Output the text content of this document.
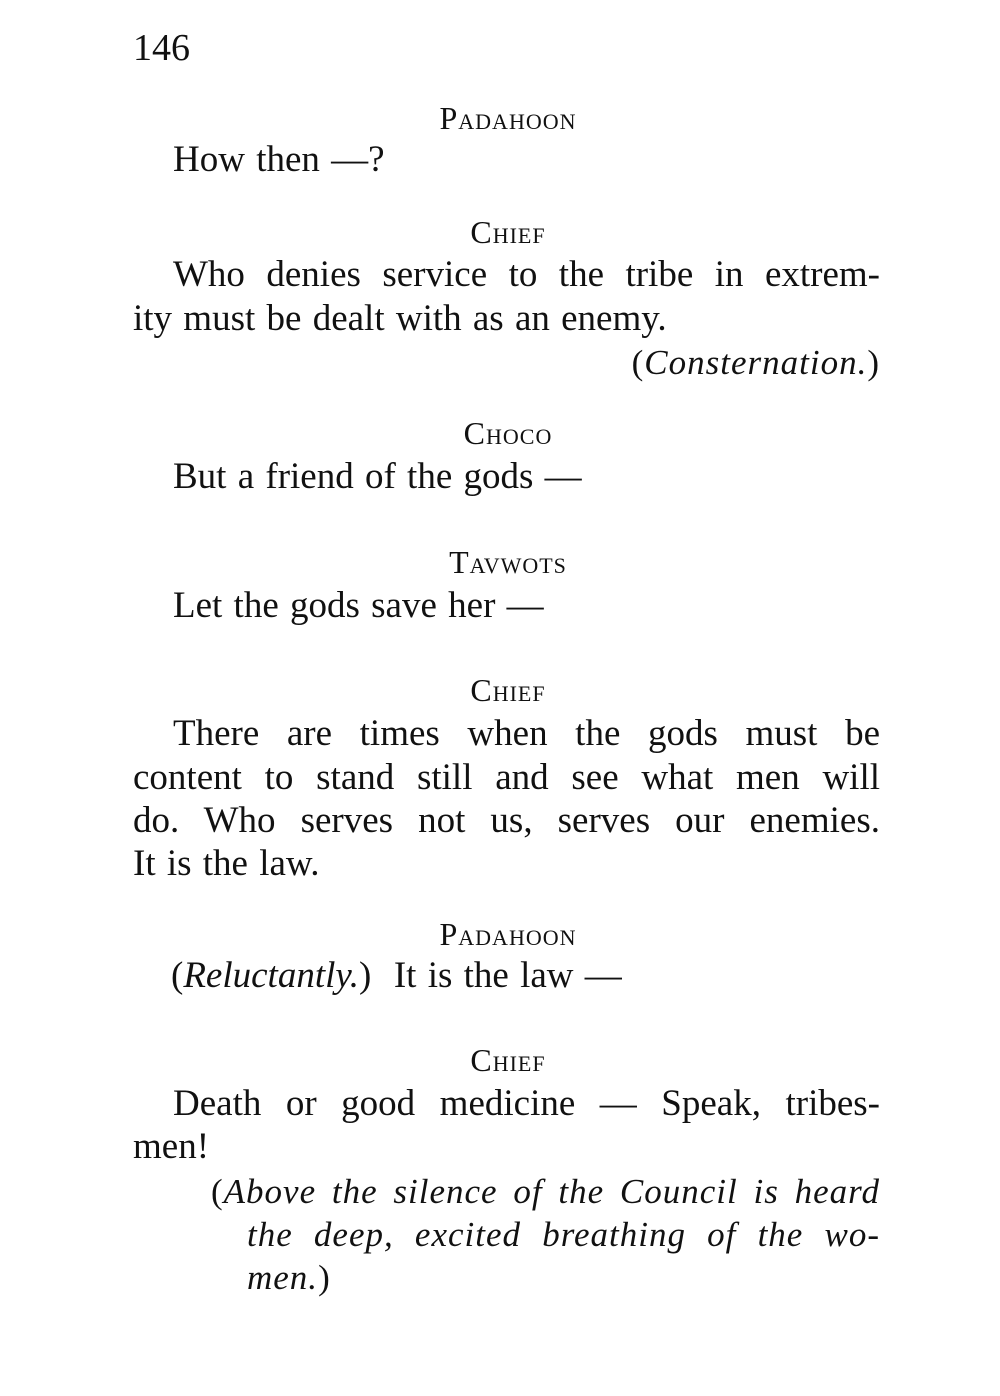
146
Padahoon
How then —?
Chief
Who denies service to the tribe in extrem-
ity must be dealt with as an enemy.
(Consternation.)
Choco
But a friend of the gods —
Tavwots
Let the gods save her —
Chief
There are times when the gods must be
content to stand still and see what men will
do. Who serves not us, serves our enemies.
It is the law.
Padahoon
(Reluctantly.)  It is the law —
Chief
Death or good medicine — Speak, tribes-
men!
(Above the silence of the Council is heard
the deep, excited breathing of the wo-
men.)
